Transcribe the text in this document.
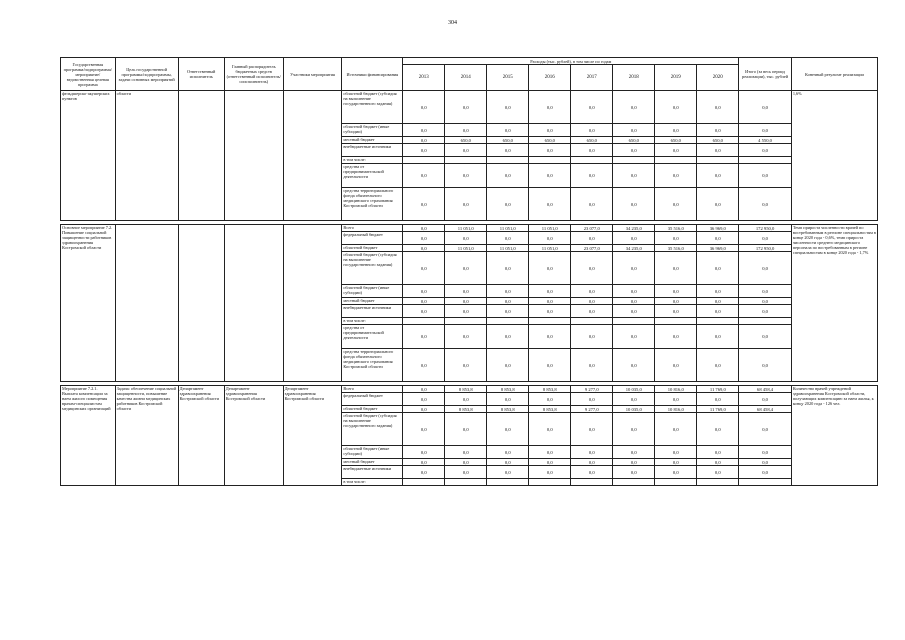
304
Государственная программа/подпрограмма/мероприятие/ведомственная целевая программа	Цель государственной программы/подпрограммы, задачи основных мероприятий	Ответственный исполнитель	Главный распорядитель бюджетных средств (ответственный исполнитель/соисполнитель)	Участники мероприятия	Источники финансирования	Расходы (тыс. рублей), в том числе по годам								Итого (за весь период реализации), тыс. рублей	Конечный результат реализации
						2013	2014	2015	2016	2017	2018	2019	2020		
фельдшерско-акушерских пунктов	области				областной бюджет (субсидия на выполнение государственного задания)	0,0	0,0	0,0	0,0	0,0	0,0	0,0	0,0	0,0	1,6%
					областной бюджет (иные субсидии)	0,0	0,0	0,0	0,0	0,0	0,0	0,0	0,0	0,0	
					местный бюджет	0,0	650,0	650,0	650,0	650,0	650,0	650,0	650,0	4 550,0	
					внебюджетные источники	0,0	0,0	0,0	0,0	0,0	0,0	0,0	0,0	0,0	
					в том числе:										
					средства от предпринимательской деятельности	0,0	0,0	0,0	0,0	0,0	0,0	0,0	0,0	0,0	
					средства территориального фонда обязательного медицинского страхования Костромской области	0,0	0,0	0,0	0,0	0,0	0,0	0,0	0,0	0,0	

Основное мероприятие 7.2. Повышение социальной защищенности работников здравоохранения Костромской области					Всего	0,0	11 051,0	11 051,0	11 051,0	23 077,0	34 235,0	35 516,0	36 969,0	172 950,0	Темп прироста численности врачей по востребованным в регионе специальностям в конце 2020 года - 0,6%, темп прироста численности среднего медицинского персонала по востребованным в регионе специальностям в конце 2020 года - 1,7%
					федеральный бюджет	0,0	0,0	0,0	0,0	0,0	0,0	0,0	0,0	0,0	
					областной бюджет	0,0	11 051,0	11 051,0	11 051,0	23 077,0	34 235,0	35 516,0	36 969,0	172 950,0	
					областной бюджет (субсидия на выполнение государственного задания)	0,0	0,0	0,0	0,0	0,0	0,0	0,0	0,0	0,0	
					областной бюджет (иные субсидии)	0,0	0,0	0,0	0,0	0,0	0,0	0,0	0,0	0,0	
					местный бюджет	0,0	0,0	0,0	0,0	0,0	0,0	0,0	0,0	0,0	
					внебюджетные источники	0,0	0,0	0,0	0,0	0,0	0,0	0,0	0,0	0,0	
					в том числе:										
					средства от предпринимательской деятельности	0,0	0,0	0,0	0,0	0,0	0,0	0,0	0,0	0,0	
					средства территориального фонда обязательного медицинского страхования Костромской области	0,0	0,0	0,0	0,0	0,0	0,0	0,0	0,0	0,0	

Мероприятие 7.2.1. Выплата компенсации за наем жилого помещения врачам-специалистам медицинских организаций	Задача: обеспечение социальной защищенности, повышение качества жизни медицинских работников Костромской области	Департамент здравоохранения Костромской области	Департамент здравоохранения Костромской области	Департамент здравоохранения Костромской области	Всего	0,0	8 853,8	8 853,8	8 853,8	9 277,0	10 035,0	10 816,0	11 769,0	68 458,4	Количество врачей учреждений здравоохранения Костромской области, получающих компенсацию за наем жилья, к концу 2020 года - 126 чел.
					федеральный бюджет	0,0	0,0	0,0	0,0	0,0	0,0	0,0	0,0	0,0	
					областной бюджет	0,0	8 853,8	8 853,8	8 853,8	9 277,0	10 035,0	10 816,0	11 769,0	68 458,4	
					областной бюджет (субсидия на выполнение государственного задания)	0,0	0,0	0,0	0,0	0,0	0,0	0,0	0,0	0,0	
					областной бюджет (иные субсидии)	0,0	0,0	0,0	0,0	0,0	0,0	0,0	0,0	0,0	
					местный бюджет	0,0	0,0	0,0	0,0	0,0	0,0	0,0	0,0	0,0	
					внебюджетные источники	0,0	0,0	0,0	0,0	0,0	0,0	0,0	0,0	0,0	
					в том числе:										
